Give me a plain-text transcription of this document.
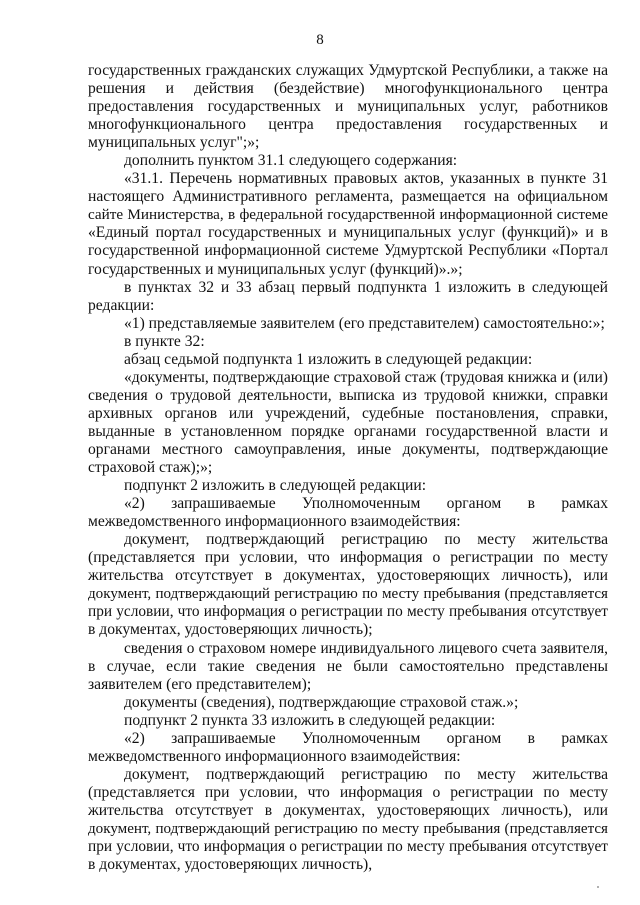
8
государственных гражданских служащих Удмуртской Республики, а также на
решения и действия (бездействие) многофункционального центра
предоставления государственных и муниципальных услуг, работников
многофункционального центра предоставления государственных и
муниципальных услуг";»;
дополнить пунктом 31.1 следующего содержания:
«31.1. Перечень нормативных правовых актов, указанных в пункте 31
настоящего Административного регламента, размещается на официальном
сайте Министерства, в федеральной государственной информационной системе
«Единый портал государственных и муниципальных услуг (функций)» и в
государственной информационной системе Удмуртской Республики «Портал
государственных и муниципальных услуг (функций)».»;
в пунктах 32 и 33 абзац первый подпункта 1 изложить в следующей
редакции:
«1) представляемые заявителем (его представителем) самостоятельно:»;
в пункте 32:
абзац седьмой подпункта 1 изложить в следующей редакции:
«документы, подтверждающие страховой стаж (трудовая книжка и (или)
сведения о трудовой деятельности, выписка из трудовой книжки, справки
архивных органов или учреждений, судебные постановления, справки,
выданные в установленном порядке органами государственной власти и
органами местного самоуправления, иные документы, подтверждающие
страховой стаж);»;
подпункт 2 изложить в следующей редакции:
«2) запрашиваемые Уполномоченным органом в рамках
межведомственного информационного взаимодействия:
документ, подтверждающий регистрацию по месту жительства
(представляется при условии, что информация о регистрации по месту
жительства отсутствует в документах, удостоверяющих личность), или
документ, подтверждающий регистрацию по месту пребывания (представляется
при условии, что информация о регистрации по месту пребывания отсутствует
в документах, удостоверяющих личность);
сведения о страховом номере индивидуального лицевого счета заявителя,
в случае, если такие сведения не были самостоятельно представлены
заявителем (его представителем);
документы (сведения), подтверждающие страховой стаж.»;
подпункт 2 пункта 33 изложить в следующей редакции:
«2) запрашиваемые Уполномоченным органом в рамках
межведомственного информационного взаимодействия:
документ, подтверждающий регистрацию по месту жительства
(представляется при условии, что информация о регистрации по месту
жительства отсутствует в документах, удостоверяющих личность), или
документ, подтверждающий регистрацию по месту пребывания (представляется
при условии, что информация о регистрации по месту пребывания отсутствует
в документах, удостоверяющих личность),
